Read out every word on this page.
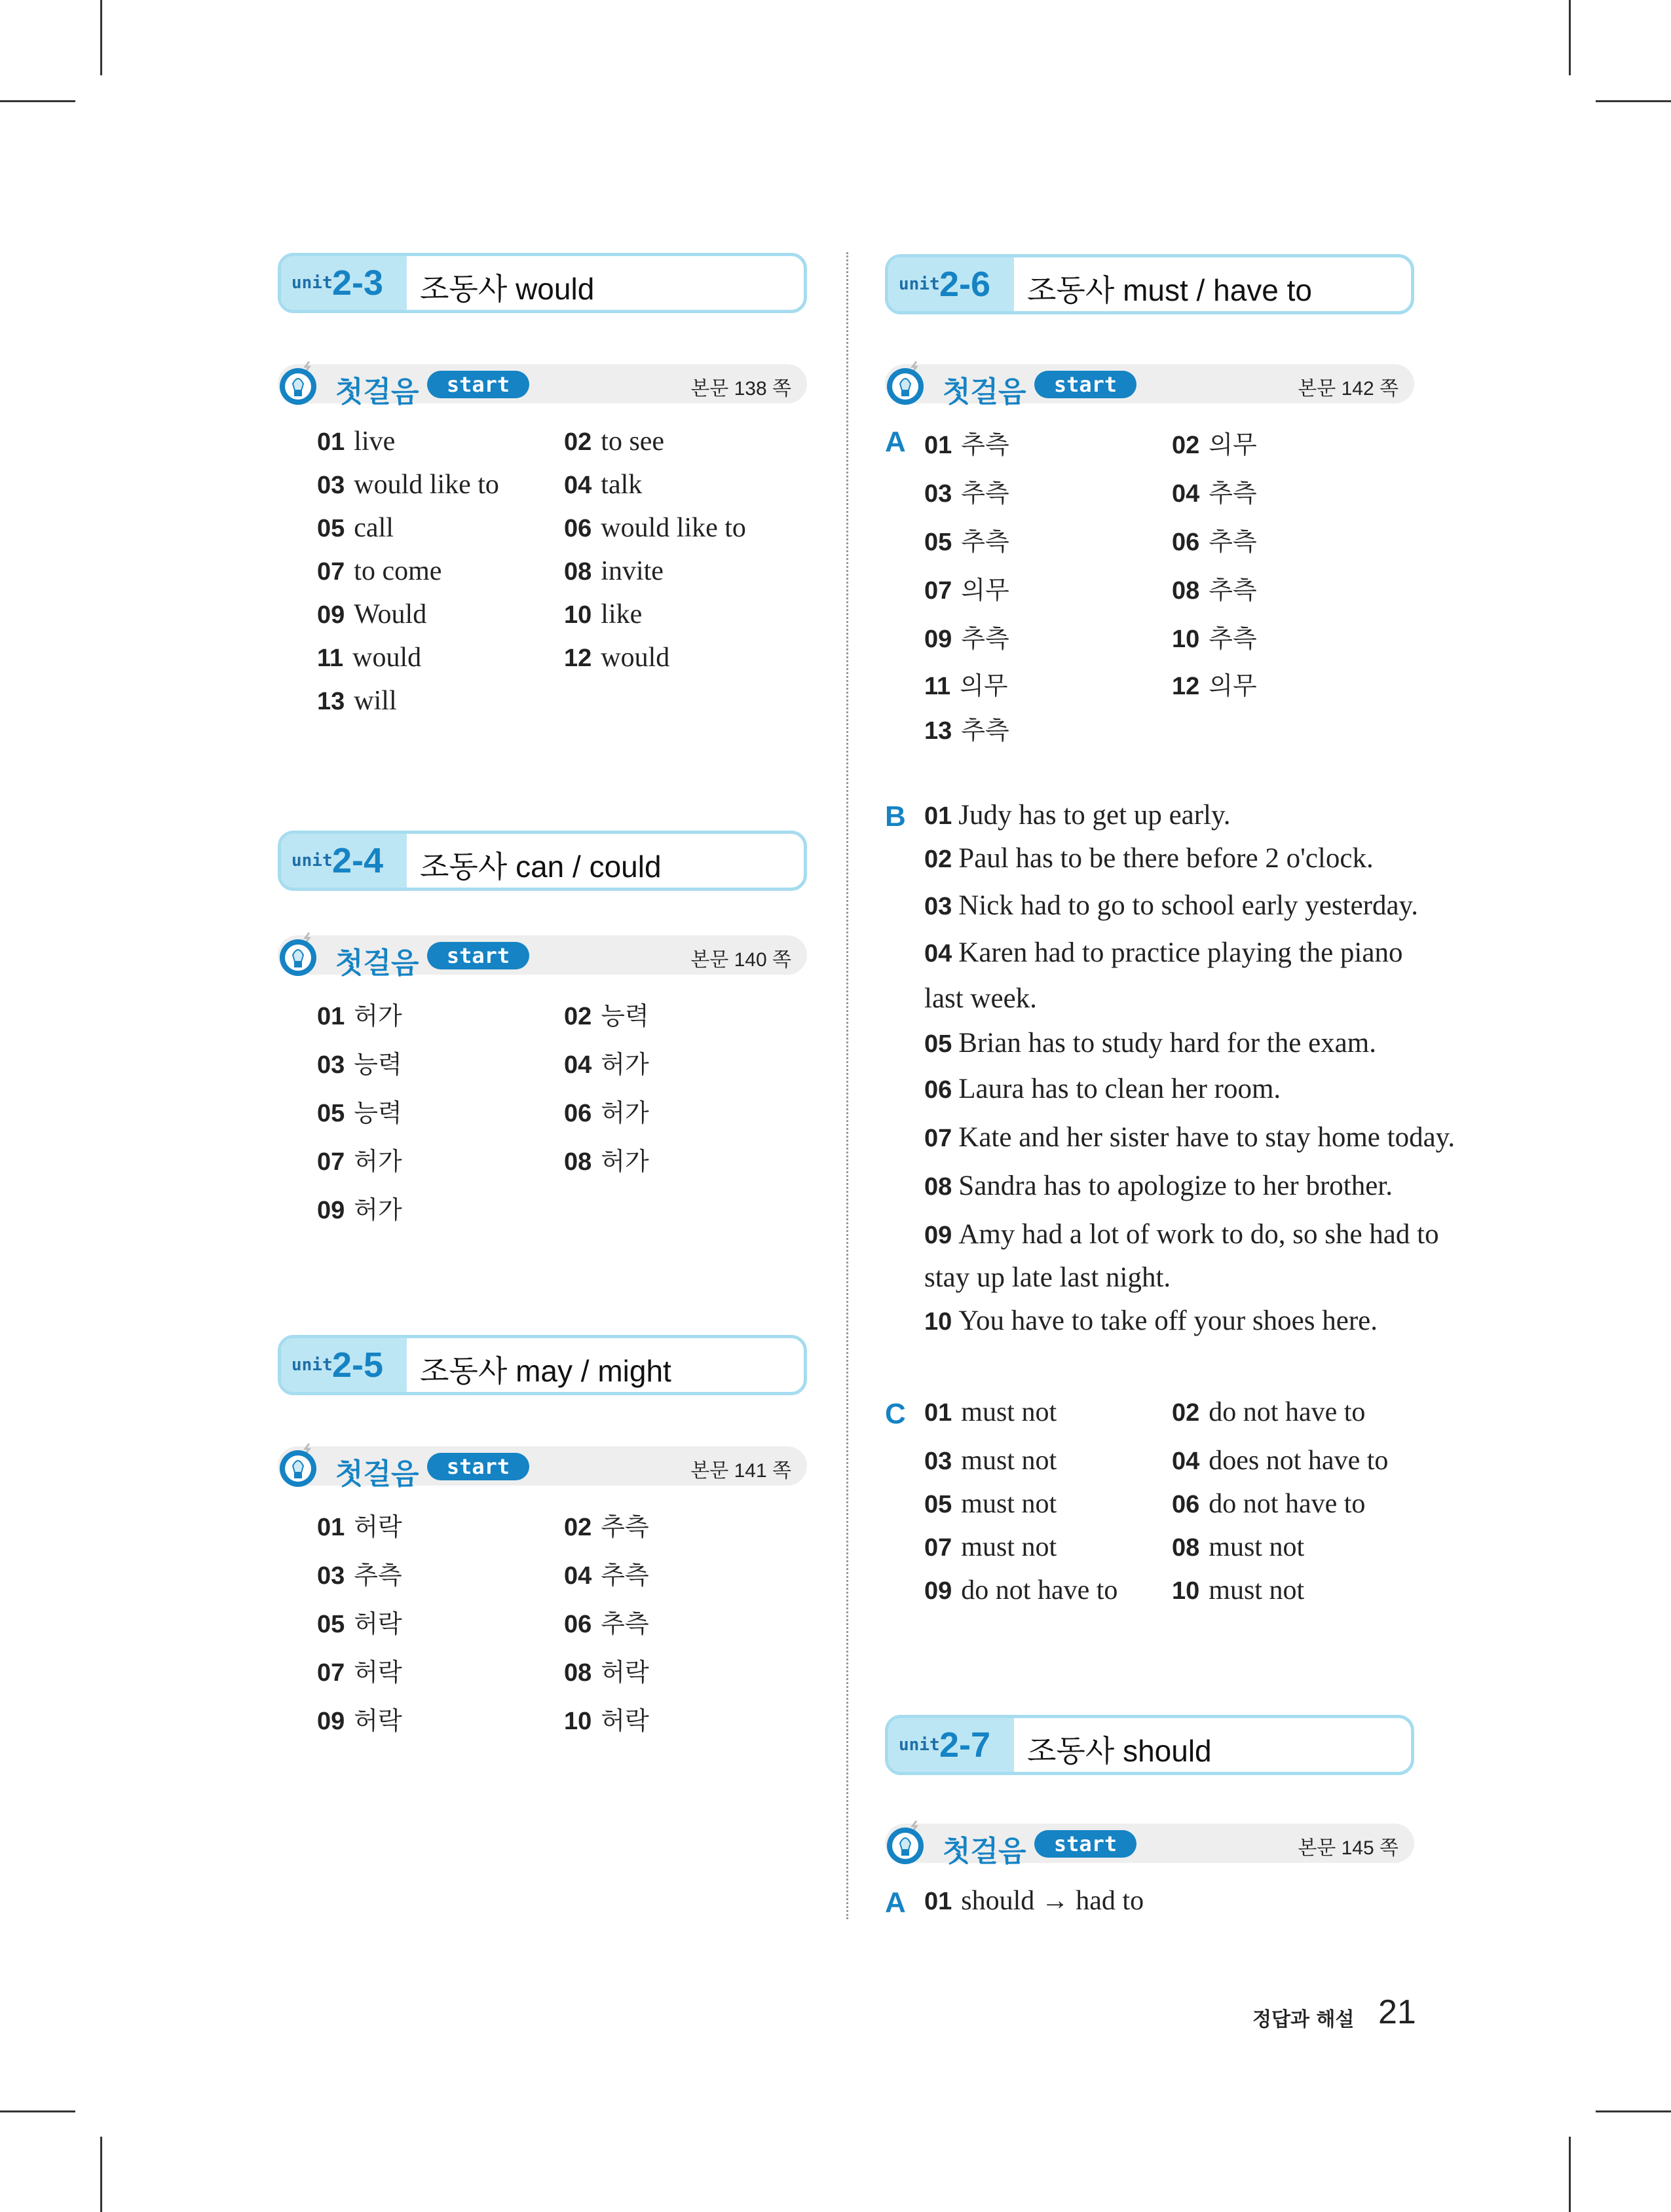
unit 2-3 조동사 would
첫걸음	start	본문 138 쪽
01 live	02 to see
03 would like to	04 talk
05 call	06 would like to
07 to come	08 invite
09 Would	10 like
11 would	12 would
13 will
unit 2-4 조동사 can / could
첫걸음	start	본문 140 쪽
01 허가	02 능력
03 능력	04 허가
05 능력	06 허가
07 허가	08 허가
09 허가
unit 2-5 조동사 may / might
첫걸음	start	본문 141 쪽
01 허락	02 추측
03 추측	04 추측
05 허락	06 추측
07 허락	08 허락
09 허락	10 허락
unit 2-6 조동사 must / have to
첫걸음	start	본문 142 쪽
A 01 추측	02 의무
03 추측	04 추측
05 추측	06 추측
07 의무	08 추측
09 추측	10 추측
11 의무	12 의무
13 추측
B 01 Judy has to get up early.
02 Paul has to be there before 2 o'clock.
03 Nick had to go to school early yesterday.
04 Karen had to practice playing the piano
last week.
05 Brian has to study hard for the exam.
06 Laura has to clean her room.
07 Kate and her sister have to stay home today.
08 Sandra has to apologize to her brother.
09 Amy had a lot of work to do, so she had to
stay up late last night.
10 You have to take off your shoes here.
C 01 must not	02 do not have to
03 must not	04 does not have to
05 must not	06 do not have to
07 must not	08 must not
09 do not have to 10 must not
unit 2-7 조동사 should
첫걸음	start	본문 145 쪽
A 01 should → had to
정답과 해설 21
